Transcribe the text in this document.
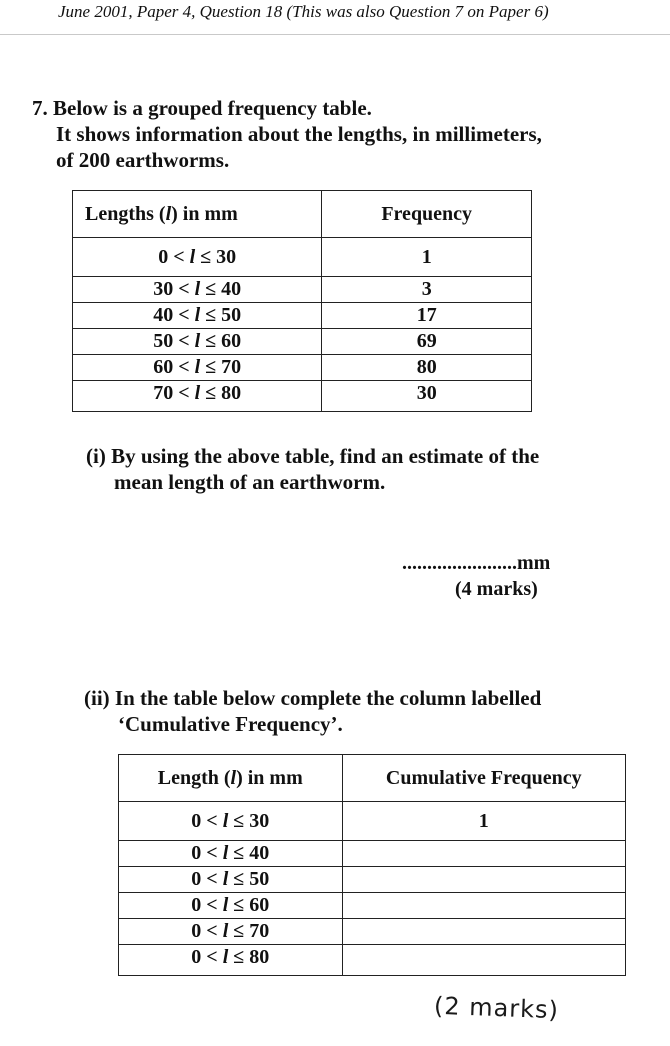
June 2001, Paper 4, Question 18 (This was also Question 7 on Paper 6)
7. Below is a grouped frequency table.
It shows information about the lengths, in millimeters,
of 200 earthworms.
Lengths (l) in mm	Frequency
0 < l ≤ 30	1
30 < l ≤ 40	3
40 < l ≤ 50	17
50 < l ≤ 60	69
60 < l ≤ 70	80
70 < l ≤ 80	30
(i) By using the above table, find an estimate of the
mean length of an earthworm.
.......................mm
(4 marks)
(ii) In the table below complete the column labelled
‘Cumulative Frequency’.
Length (l) in mm	Cumulative Frequency
0 < l ≤ 30	1
0 < l ≤ 40	
0 < l ≤ 50	
0 < l ≤ 60	
0 < l ≤ 70	
0 < l ≤ 80	
(2 marks)
